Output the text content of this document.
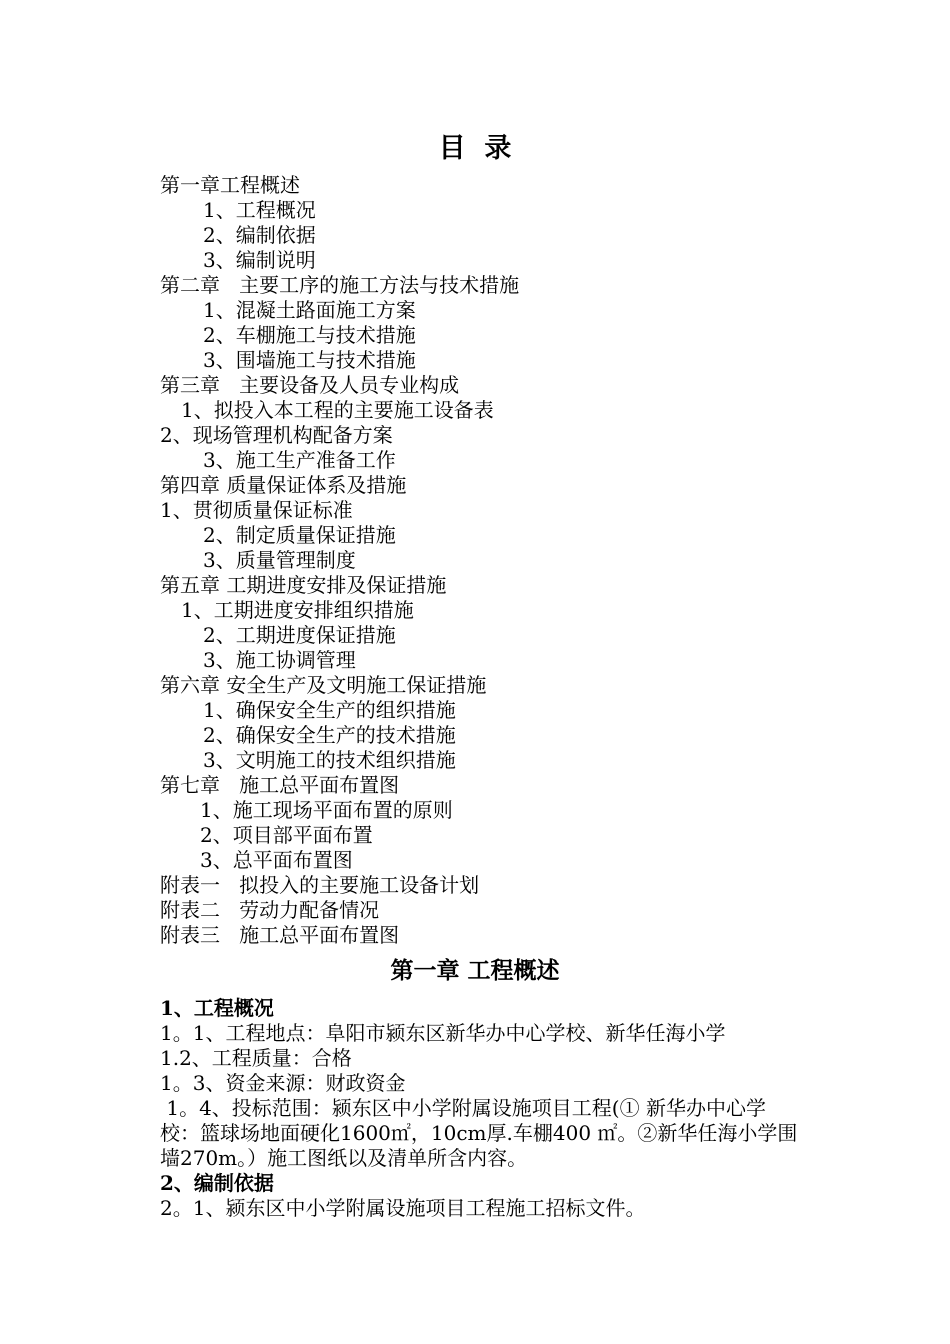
目  录
第一章工程概述
1、工程概况
2、编制依据
3、编制说明
第二章   主要工序的施工方法与技术措施
1、混凝土路面施工方案
2、车棚施工与技术措施
3、围墙施工与技术措施
第三章   主要设备及人员专业构成
1、拟投入本工程的主要施工设备表
2、现场管理机构配备方案
3、施工生产准备工作
第四章 质量保证体系及措施
1、贯彻质量保证标准
2、制定质量保证措施
3、质量管理制度
第五章 工期进度安排及保证措施
1、工期进度安排组织措施
2、工期进度保证措施
3、施工协调管理
第六章 安全生产及文明施工保证措施
1、确保安全生产的组织措施
2、确保安全生产的技术措施
3、文明施工的技术组织措施
第七章   施工总平面布置图
1、施工现场平面布置的原则
2、项目部平面布置
3、总平面布置图
附表一   拟投入的主要施工设备计划
附表二   劳动力配备情况
附表三   施工总平面布置图
第一章 工程概述
1、工程概况
1。1、工程地点：阜阳市颍东区新华办中心学校、新华任海小学
1.2、工程质量：合格
1。3、资金来源：财政资金
1。4、投标范围：颍东区中小学附属设施项目工程(① 新华办中心学
校：篮球场地面硬化1600㎡，10cm厚.车棚400 ㎡。②新华任海小学围
墙270m。）施工图纸以及清单所含内容。
2、编制依据
2。1、颍东区中小学附属设施项目工程施工招标文件。
